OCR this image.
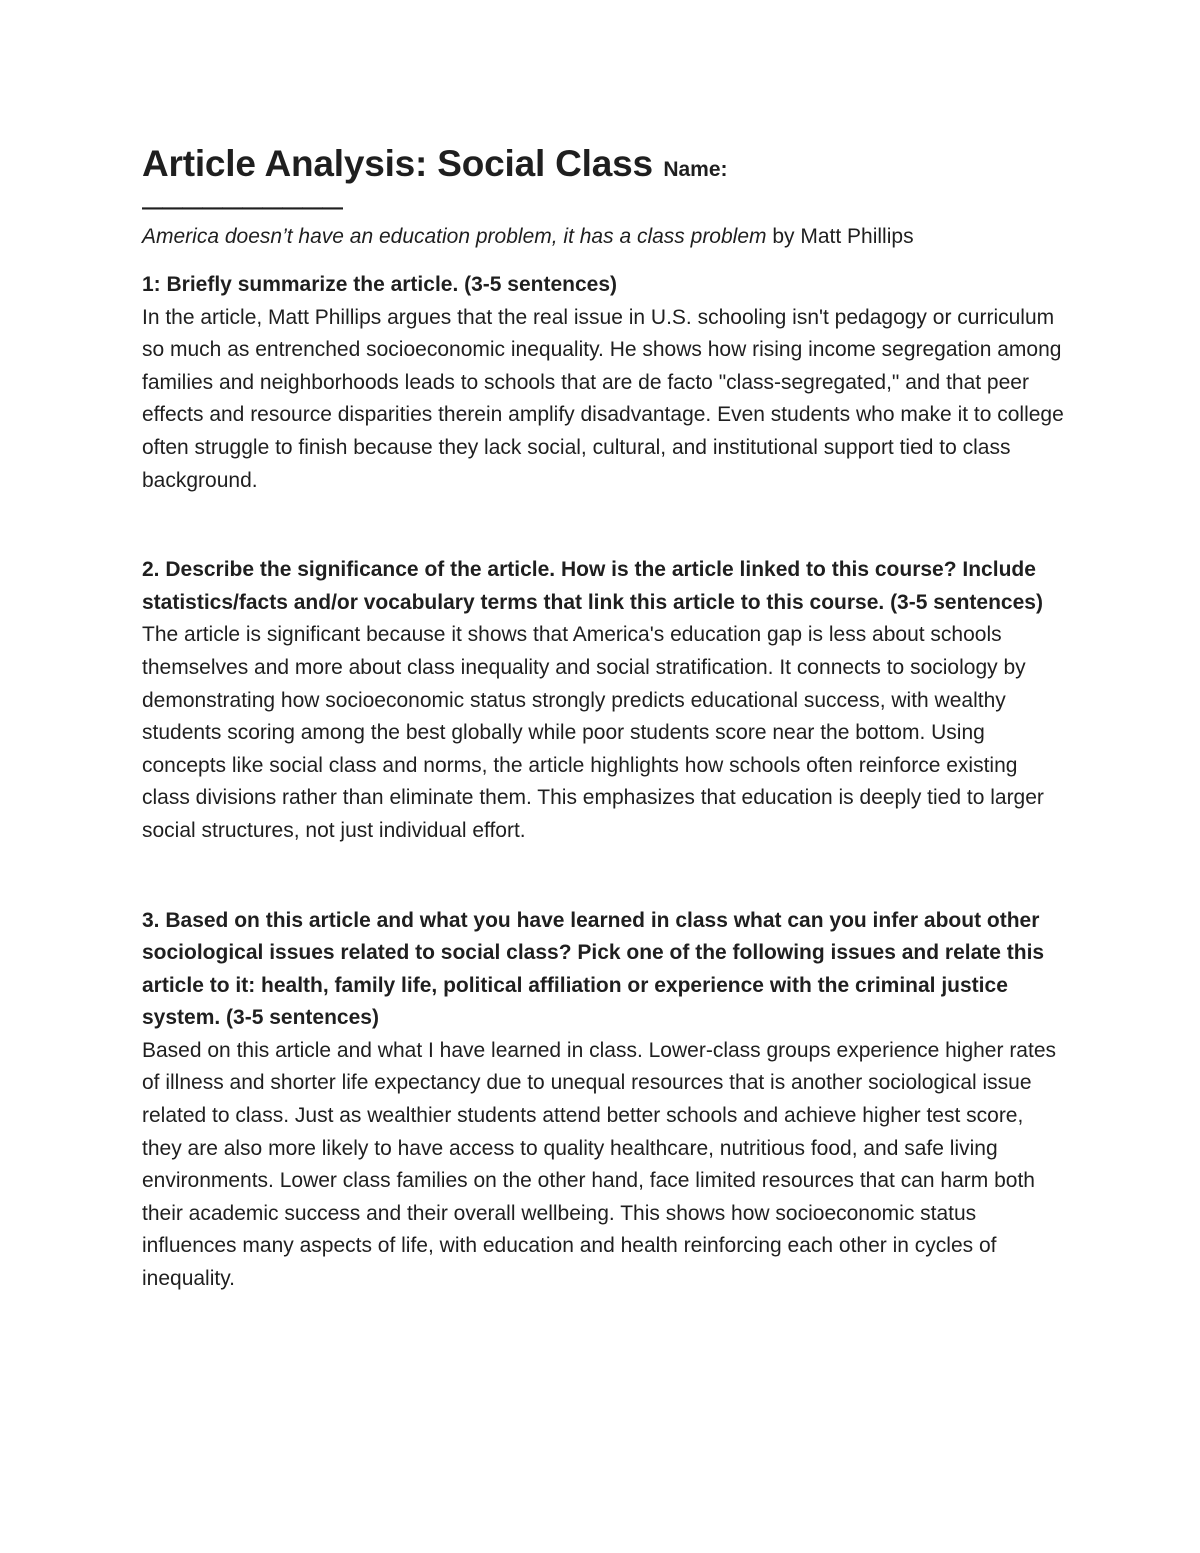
Article Analysis: Social Class Name:

——————————
America doesn’t have an education problem, it has a class problem by Matt Phillips

1: Briefly summarize the article. (3-5 sentences)

In the article, Matt Phillips argues that the real issue in U.S. schooling isn't pedagogy or curriculum so much as entrenched socioeconomic inequality. He shows how rising income segregation among families and neighborhoods leads to schools that are de facto "class-segregated," and that peer effects and resource disparities therein amplify disadvantage. Even students who make it to college often struggle to finish because they lack social, cultural, and institutional support tied to class background.

2. Describe the significance of the article. How is the article linked to this course? Include statistics/facts and/or vocabulary terms that link this article to this course. (3-5 sentences)

The article is significant because it shows that America's education gap is less about schools themselves and more about class inequality and social stratification. It connects to sociology by demonstrating how socioeconomic status strongly predicts educational success, with wealthy students scoring among the best globally while poor students score near the bottom. Using concepts like social class and norms, the article highlights how schools often reinforce existing class divisions rather than eliminate them. This emphasizes that education is deeply tied to larger social structures, not just individual effort.

3. Based on this article and what you have learned in class what can you infer about other sociological issues related to social class? Pick one of the following issues and relate this article to it: health, family life, political affiliation or experience with the criminal justice system. (3-5 sentences)

Based on this article and what I have learned in class. Lower-class groups experience higher rates of illness and shorter life expectancy due to unequal resources that is another sociological issue related to class. Just as wealthier students attend better schools and achieve higher test score, they are also more likely to have access to quality healthcare, nutritious food, and safe living environments. Lower class families on the other hand, face limited resources that can harm both their academic success and their overall wellbeing. This shows how socioeconomic status influences many aspects of life, with education and health reinforcing each other in cycles of inequality.
